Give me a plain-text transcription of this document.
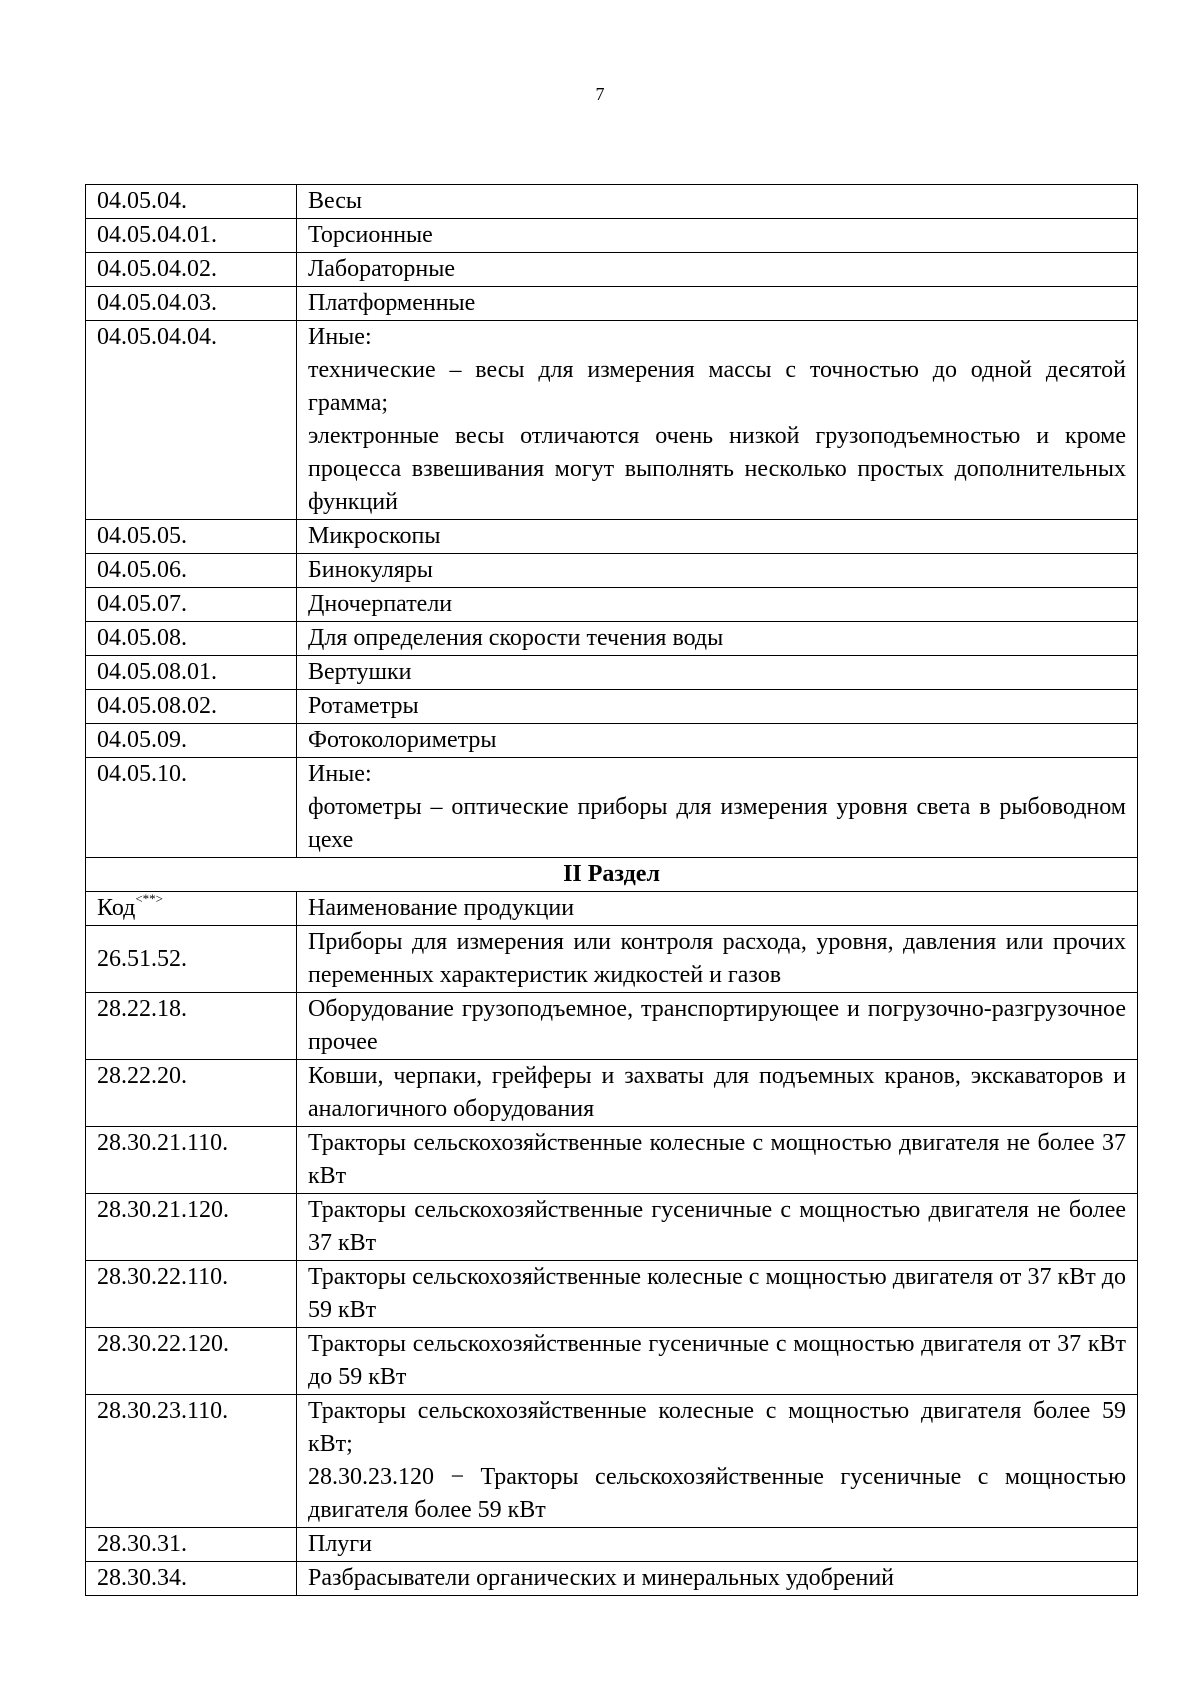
7
04.05.04.	Весы

04.05.04.01.	Торсионные

04.05.04.02.	Лабораторные

04.05.04.03.	Платформенные

04.05.04.04.	Иные:
технические – весы для измерения массы с точностью до одной десятой грамма;
электронные весы отличаются очень низкой грузоподъемностью и кроме процесса взвешивания могут выполнять несколько простых дополнительных функций

04.05.05.	Микроскопы

04.05.06.	Бинокуляры

04.05.07.	Дночерпатели

04.05.08.	Для определения скорости течения воды

04.05.08.01.	Вертушки

04.05.08.02.	Ротаметры

04.05.09.	Фотоколориметры

04.05.10.	Иные:
фотометры – оптические приборы для измерения уровня света в рыбоводном цехе

II Раздел	
Код<**>	Наименование продукции
26.51.52.	Приборы для измерения или контроля расхода, уровня, давления или прочих переменных характеристик жидкостей и газов

28.22.18.	Оборудование грузоподъемное, транспортирующее и погрузочно-разгрузочное прочее

28.22.20.	Ковши, черпаки, грейферы и захваты для подъемных кранов, экскаваторов и аналогичного оборудования

28.30.21.110.	Тракторы сельскохозяйственные колесные с мощностью двигателя не более 37 кВт

28.30.21.120.	Тракторы сельскохозяйственные гусеничные с мощностью двигателя не более 37 кВт

28.30.22.110.	Тракторы сельскохозяйственные колесные с мощностью двигателя от 37 кВт до 59 кВт

28.30.22.120.	Тракторы сельскохозяйственные гусеничные с мощностью двигателя от 37 кВт до 59 кВт

28.30.23.110.	Тракторы сельскохозяйственные колесные с мощностью двигателя более 59 кВт;
28.30.23.120 − Тракторы сельскохозяйственные гусеничные с мощностью двигателя более 59 кВт

28.30.31.	Плуги

28.30.34.	Разбрасыватели органических и минеральных удобрений
